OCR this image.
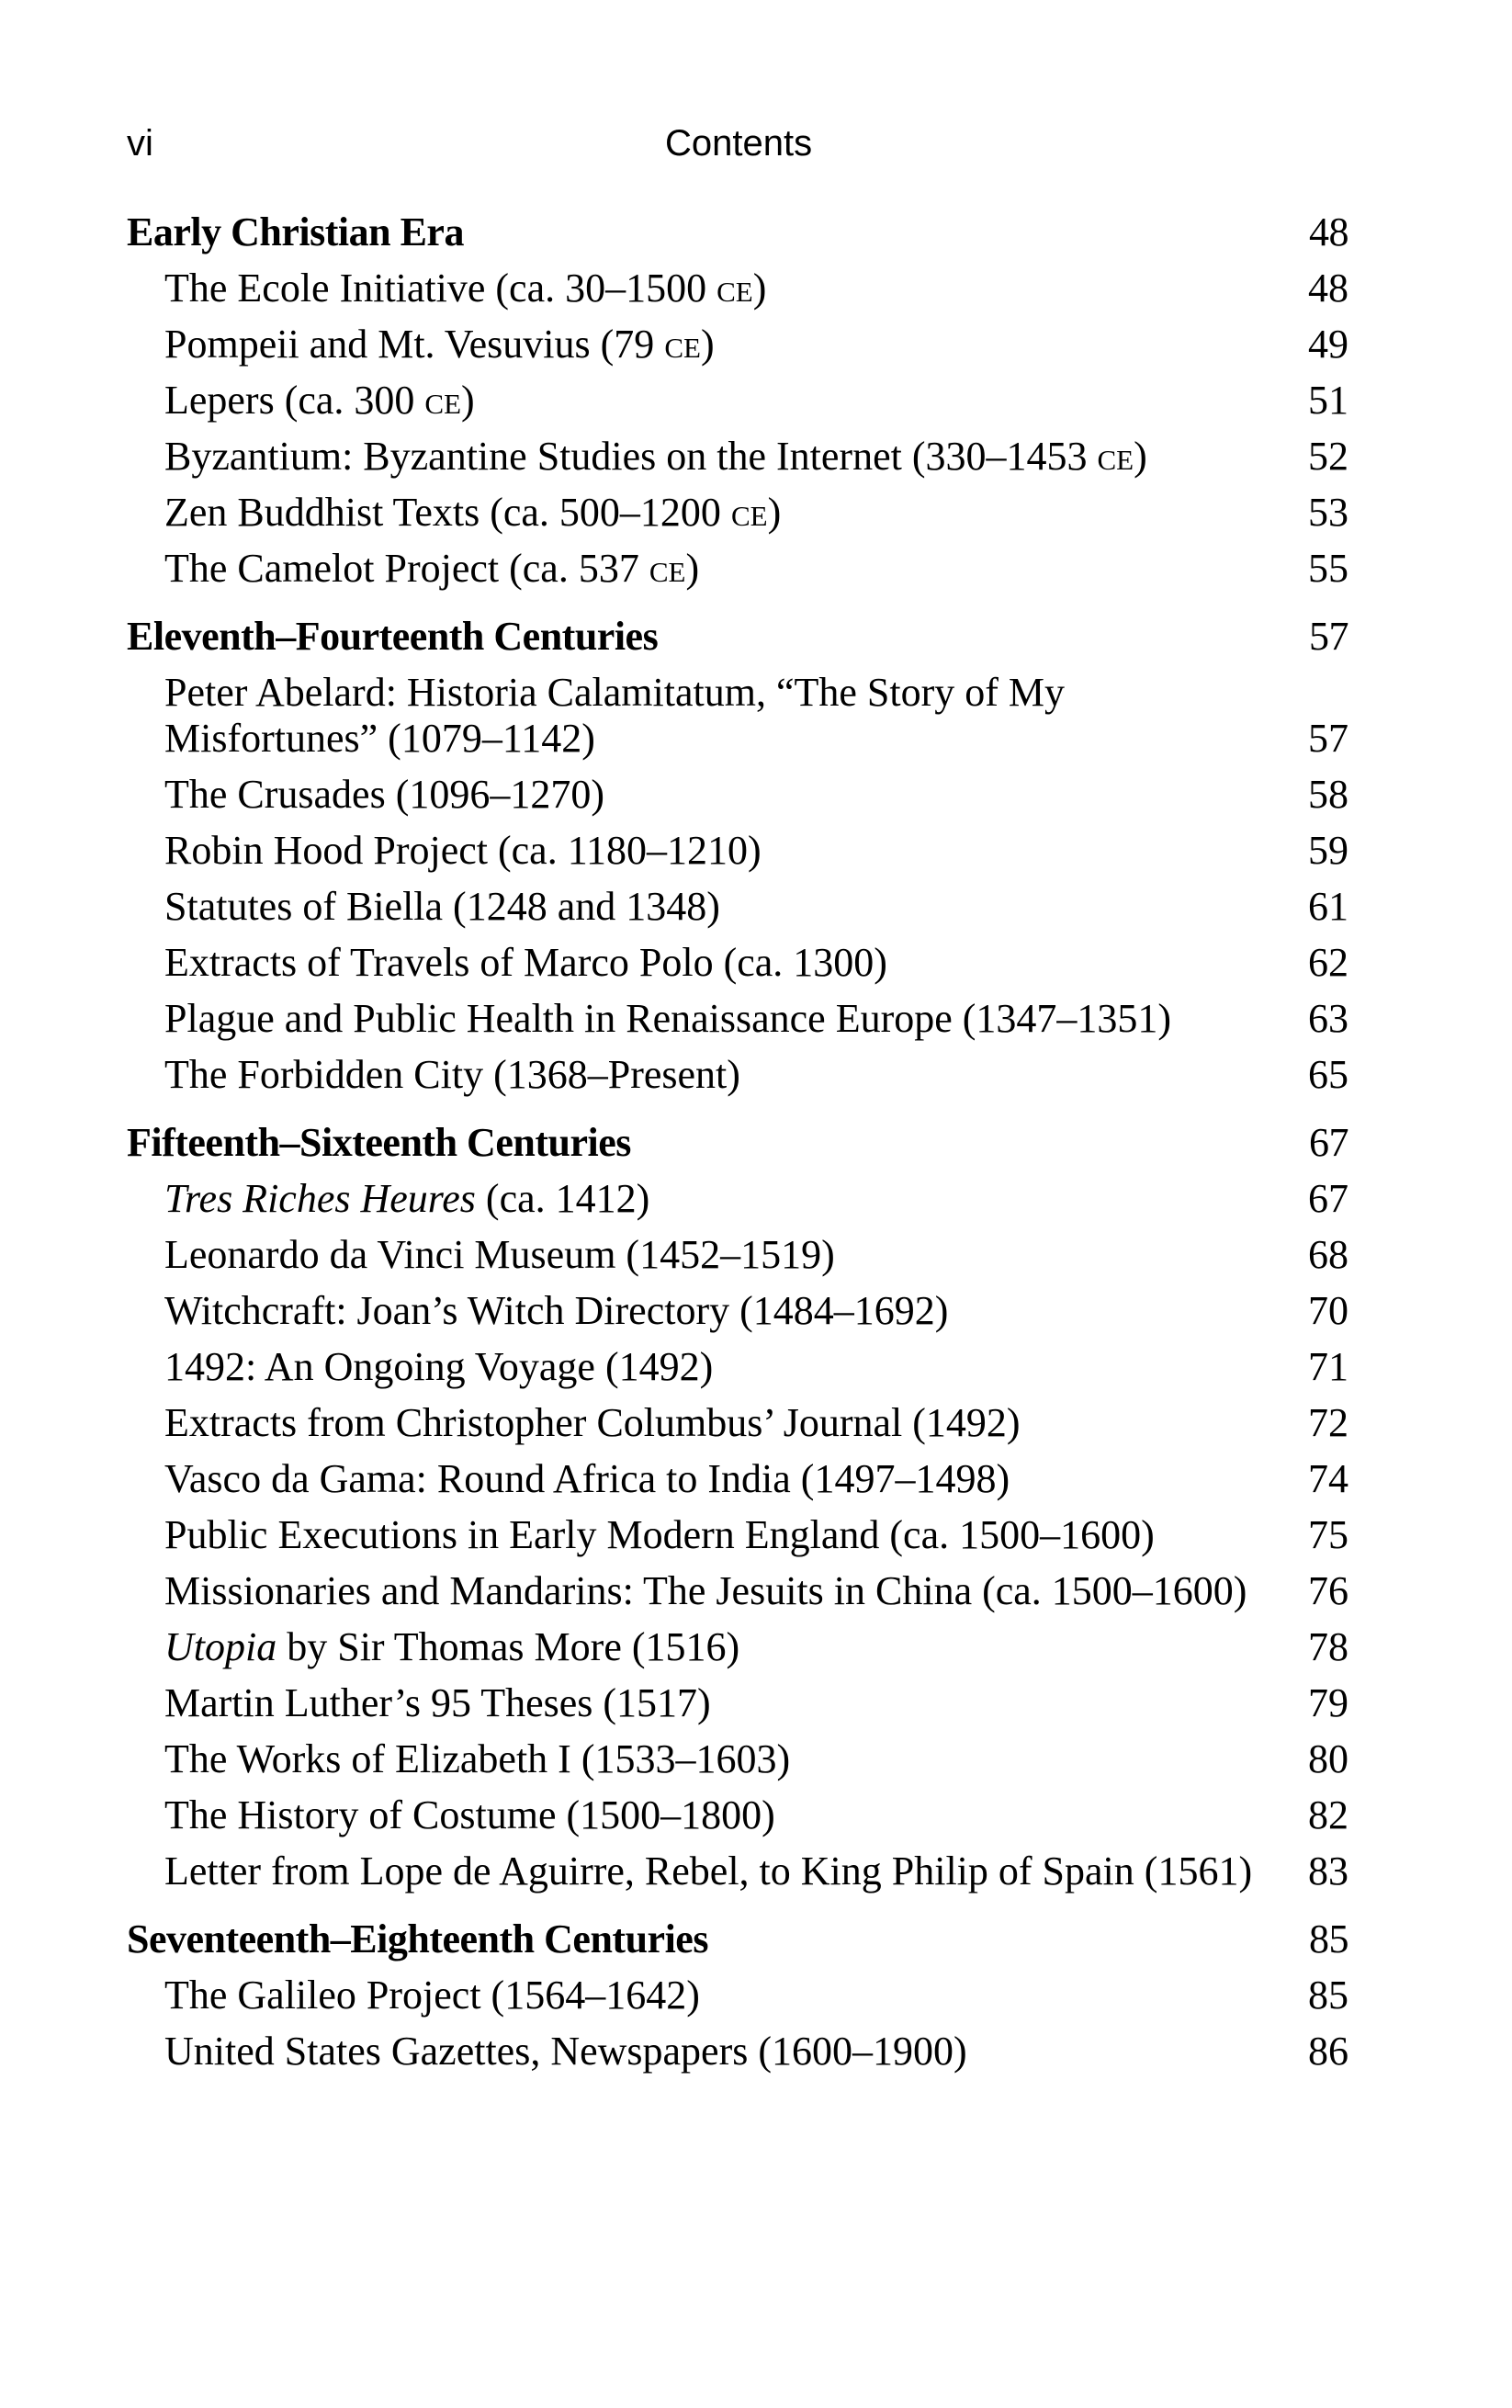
vi	Contents
Early Christian Era	48
The Ecole Initiative (ca. 30–1500 ce)	48
Pompeii and Mt. Vesuvius (79 ce)	49
Lepers (ca. 300 ce)	51
Byzantium: Byzantine Studies on the Internet (330–1453 ce)	52
Zen Buddhist Texts (ca. 500–1200 ce)	53
The Camelot Project (ca. 537 ce)	55
Eleventh–Fourteenth Centuries	57
Peter Abelard: Historia Calamitatum, “The Story of My Misfortunes” (1079–1142)	57
The Crusades (1096–1270)	58
Robin Hood Project (ca. 1180–1210)	59
Statutes of Biella (1248 and 1348)	61
Extracts of Travels of Marco Polo (ca. 1300)	62
Plague and Public Health in Renaissance Europe (1347–1351)	63
The Forbidden City (1368–Present)	65
Fifteenth–Sixteenth Centuries	67
Tres Riches Heures (ca. 1412)	67
Leonardo da Vinci Museum (1452–1519)	68
Witchcraft: Joan’s Witch Directory (1484–1692)	70
1492: An Ongoing Voyage (1492)	71
Extracts from Christopher Columbus’ Journal (1492)	72
Vasco da Gama: Round Africa to India (1497–1498)	74
Public Executions in Early Modern England (ca. 1500–1600)	75
Missionaries and Mandarins: The Jesuits in China (ca. 1500–1600)	76
Utopia by Sir Thomas More (1516)	78
Martin Luther’s 95 Theses (1517)	79
The Works of Elizabeth I (1533–1603)	80
The History of Costume (1500–1800)	82
Letter from Lope de Aguirre, Rebel, to King Philip of Spain (1561)	83
Seventeenth–Eighteenth Centuries	85
The Galileo Project (1564–1642)	85
United States Gazettes, Newspapers (1600–1900)	86
